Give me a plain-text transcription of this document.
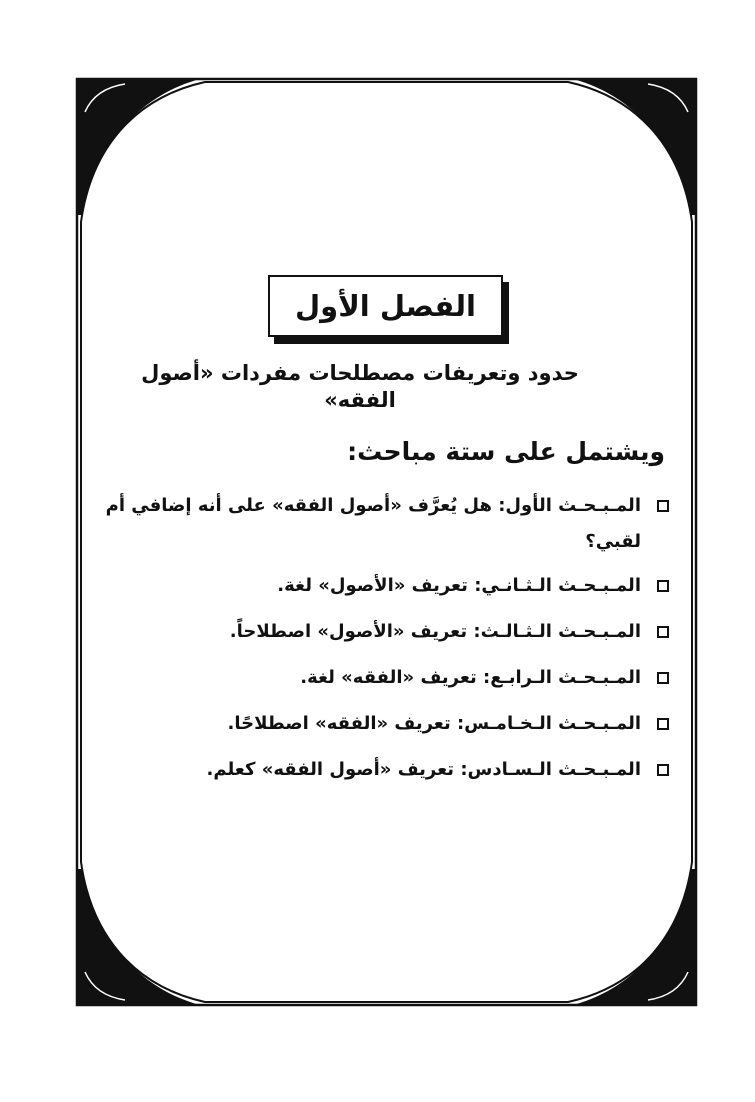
الفصل الأول
حدود وتعريفات مصطلحات مفردات «أصول الفقه»
ويشتمل على ستة مباحث:
المـبـحـث الأول: هل يُعرَّف «أصول الفقه» على أنه إضافي أم لقبي؟
المـبـحـث الـثـانـي: تعريف «الأصول» لغة.
المـبـحـث الـثـالـث: تعريف «الأصول» اصطلاحاً.
المـبـحـث الـرابـع: تعريف «الفقه» لغة.
المـبـحـث الـخـامـس: تعريف «الفقه» اصطلاحًا.
المـبـحـث الـسـادس: تعريف «أصول الفقه» كعلم.
